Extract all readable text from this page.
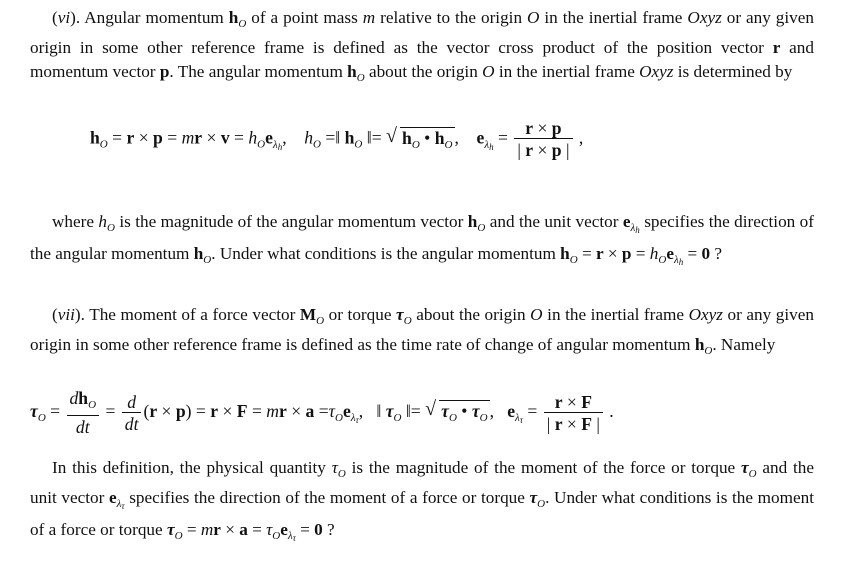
(vi). Angular momentum $h_O$ of a point mass m relative to the origin O in the inertial frame Oxyz or any given origin in some other reference frame is defined as the vector cross product of the position vector r and momentum vector p. The angular momentum $h_O$ about the origin O in the inertial frame Oxyz is determined by
$h_O = r \times p$ = mr × $v = h_Oe_{\lambda_h}$,    $h_O$ =‖ $h_O$ ‖= √ $h_O$ • $h_O$ ,    $e_{\lambda_h} = \frac{r \times p}{| r \times p |}$ ,
where $h_O$ is the magnitude of the angular momentum vector $h_O$ and the unit vector $e_{\lambda_h}$ specifies the direction of the angular momentum $h_O$. Under what conditions is the angular momentum $h_O = r \times p = h_Oe_{\lambda_h} = 0$ ?
(vii). The moment of a force vector $M_O$ or torque $\tau_O$ about the origin O in the inertial frame Oxyz or any given origin in some other reference frame is defined as the time rate of change of angular momentum $h_O$. Namely
$\tau_O = \frac{dh_O}{dt} = \frac{d}{dt} (r \times p) = r \times F$ = mr × $a =\tau_Oe_{\lambda_\tau}$,   ‖ $\tau_O$ ‖= √ $\tau_O$ • $\tau_O$ ,   $e_{\lambda_\tau} = \frac{r \times F}{| r \times F |}$ .
In this definition, the physical quantity $\tau_O$ is the magnitude of the moment of the force or torque $\tau_O$ and the unit vector $e_{\lambda_\tau}$ specifies the direction of the moment of a force or torque $\tau_O$. Under what conditions is the moment of a force or torque $\tau_O$ = mr × $a = \tau_Oe_{\lambda_\tau} = 0$ ?
